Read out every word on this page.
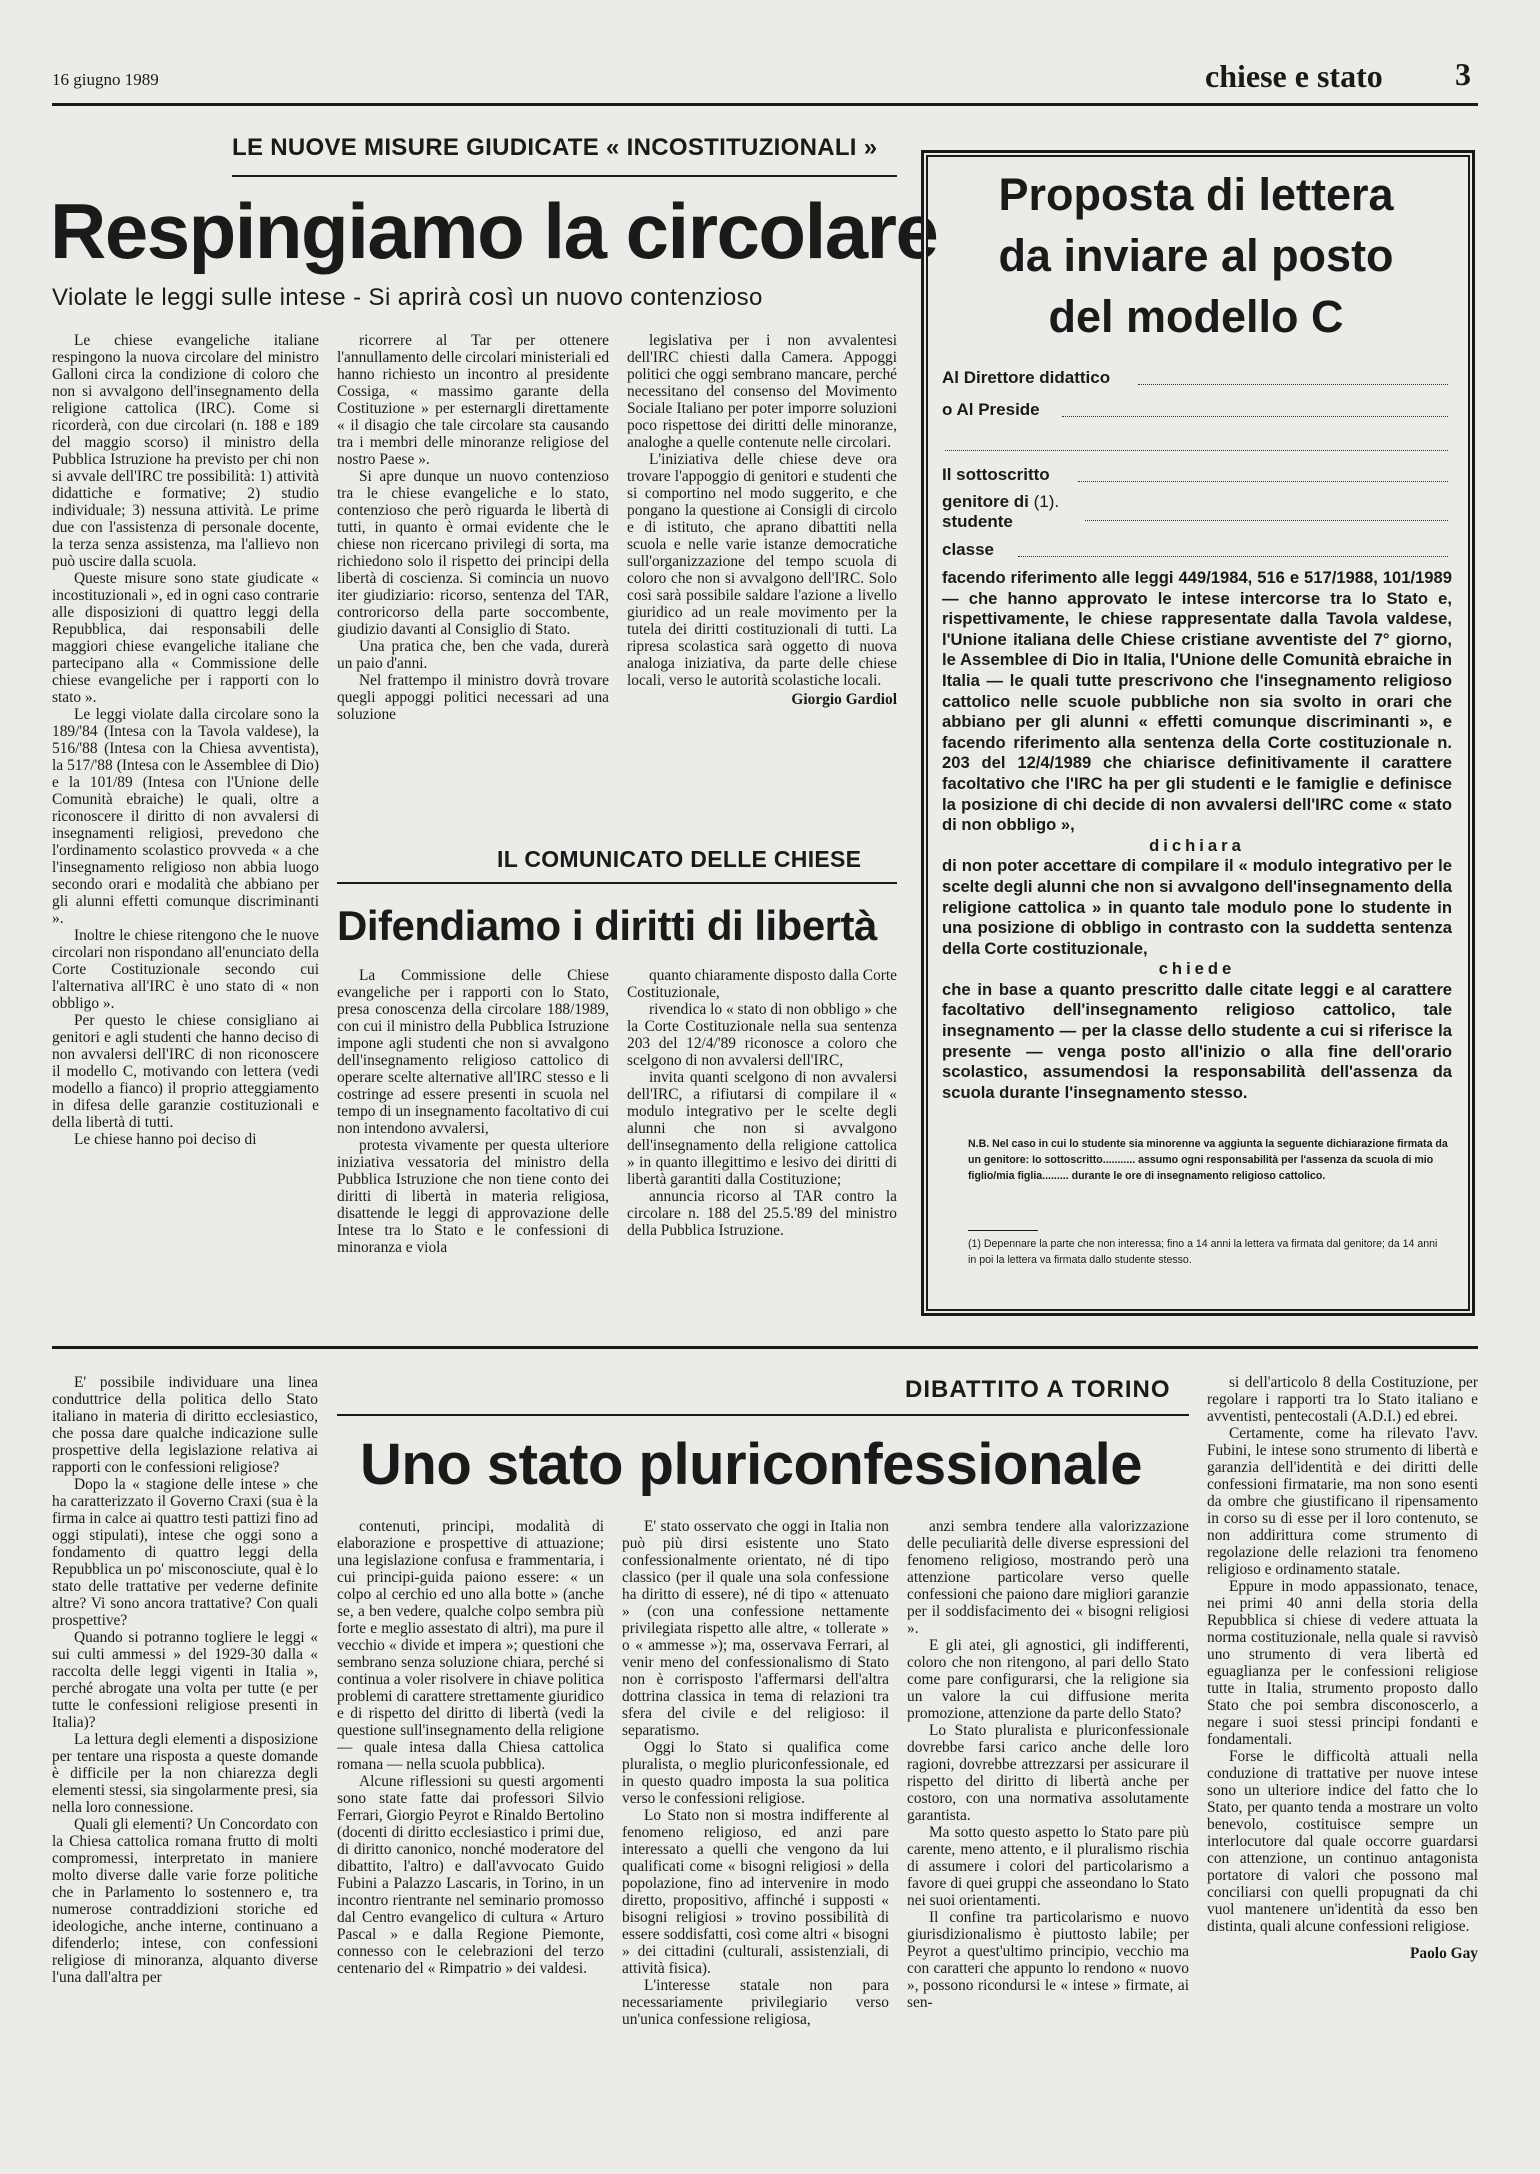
16 giugno 1989	chiese e stato 3
LE NUOVE MISURE GIUDICATE « INCOSTITUZIONALI »
Respingiamo la circolare
Violate le leggi sulle intese - Si aprirà così un nuovo contenzioso

Le chiese evangeliche italiane respingono la nuova circolare del ministro Galloni circa la condizione di coloro che non si avvalgono dell'insegnamento della religione cattolica (IRC). Come si ricorderà, con due circolari (n. 188 e 189 del maggio scorso) il ministro della Pubblica Istruzione ha previsto per chi non si avvale dell'IRC tre possibilità: 1) attività didattiche e formative; 2) studio individuale; 3) nessuna attività. Le prime due con l'assistenza di personale docente, la terza senza assistenza, ma l'allievo non può uscire dalla scuola.

Queste misure sono state giudicate « incostituzionali », ed in ogni caso contrarie alle disposizioni di quattro leggi della Repubblica, dai responsabili delle maggiori chiese evangeliche italiane che partecipano alla « Commissione delle chiese evangeliche per i rapporti con lo stato ».

Le leggi violate dalla circolare sono la 189/'84 (Intesa con la Tavola valdese), la 516/'88 (Intesa con la Chiesa avventista), la 517/'88 (Intesa con le Assemblee di Dio) e la 101/89 (Intesa con l'Unione delle Comunità ebraiche) le quali, oltre a riconoscere il diritto di non avvalersi di insegnamenti religiosi, prevedono che l'ordinamento scolastico provveda « a che l'insegnamento religioso non abbia luogo secondo orari e modalità che abbiano per gli alunni effetti comunque discriminanti ».

Inoltre le chiese ritengono che le nuove circolari non rispondano all'enunciato della Corte Costituzionale secondo cui l'alternativa all'IRC è uno stato di « non obbligo ».

Per questo le chiese consigliano ai genitori e agli studenti che hanno deciso di non avvalersi dell'IRC di non riconoscere il modello C, motivando con lettera (vedi modello a fianco) il proprio atteggiamento in difesa delle garanzie costituzionali e della libertà di tutti.

Le chiese hanno poi deciso di

ricorrere al Tar per ottenere l'annullamento delle circolari ministeriali ed hanno richiesto un incontro al presidente Cossiga, « massimo garante della Costituzione » per esternargli direttamente « il disagio che tale circolare sta causando tra i membri delle minoranze religiose del nostro Paese ».

Si apre dunque un nuovo contenzioso tra le chiese evangeliche e lo stato, contenzioso che però riguarda le libertà di tutti, in quanto è ormai evidente che le chiese non ricercano privilegi di sorta, ma richiedono solo il rispetto dei principi della libertà di coscienza. Si comincia un nuovo iter giudiziario: ricorso, sentenza del TAR, controricorso della parte soccombente, giudizio davanti al Consiglio di Stato.

Una pratica che, ben che vada, durerà un paio d'anni.

Nel frattempo il ministro dovrà trovare quegli appoggi politici necessari ad una soluzione

legislativa per i non avvalentesi dell'IRC chiesti dalla Camera. Appoggi politici che oggi sembrano mancare, perché necessitano del consenso del Movimento Sociale Italiano per poter imporre soluzioni poco rispettose dei diritti delle minoranze, analoghe a quelle contenute nelle circolari.

L'iniziativa delle chiese deve ora trovare l'appoggio di genitori e studenti che si comportino nel modo suggerito, e che pongano la questione ai Consigli di circolo e di istituto, che aprano dibattiti nella scuola e nelle varie istanze democratiche sull'organizzazione del tempo scuola di coloro che non si avvalgono dell'IRC. Solo così sarà possibile saldare l'azione a livello giuridico ad un reale movimento per la tutela dei diritti costituzionali di tutti. La ripresa scolastica sarà oggetto di nuova analoga iniziativa, da parte delle chiese locali, verso le autorità scolastiche locali.

Giorgio Gardiol
IL COMUNICATO DELLE CHIESE
Difendiamo i diritti di libertà

La Commissione delle Chiese evangeliche per i rapporti con lo Stato, presa conoscenza della circolare 188/1989, con cui il ministro della Pubblica Istruzione impone agli studenti che non si avvalgono dell'insegnamento religioso cattolico di operare scelte alternative all'IRC stesso e li costringe ad essere presenti in scuola nel tempo di un insegnamento facoltativo di cui non intendono avvalersi,

protesta vivamente per questa ulteriore iniziativa vessatoria del ministro della Pubblica Istruzione che non tiene conto dei diritti di libertà in materia religiosa, disattende le leggi di approvazione delle Intese tra lo Stato e le confessioni di minoranza e viola

quanto chiaramente disposto dalla Corte Costituzionale,

rivendica lo « stato di non obbligo » che la Corte Costituzionale nella sua sentenza 203 del 12/4/'89 riconosce a coloro che scelgono di non avvalersi dell'IRC,

invita quanti scelgono di non avvalersi dell'IRC, a rifiutarsi di compilare il « modulo integrativo per le scelte degli alunni che non si avvalgono dell'insegnamento della religione cattolica » in quanto illegittimo e lesivo dei diritti di libertà garantiti dalla Costituzione;

annuncia ricorso al TAR contro la circolare n. 188 del 25.5.'89 del ministro della Pubblica Istruzione.

Proposta di lettera
da inviare al posto
del modello C
Al Direttore didattico
o Al Preside
Il sottoscritto
genitore di (1).
studente
classe

facendo riferimento alle leggi 449/1984, 516 e 517/1988, 101/1989 — che hanno approvato le intese intercorse tra lo Stato e, rispettivamente, le chiese rappresentate dalla Tavola valdese, l'Unione italiana delle Chiese cristiane avventiste del 7° giorno, le Assemblee di Dio in Italia, l'Unione delle Comunità ebraiche in Italia — le quali tutte prescrivono che l'insegnamento religioso cattolico nelle scuole pubbliche non sia svolto in orari che abbiano per gli alunni « effetti comunque discriminanti », e facendo riferimento alla sentenza della Corte costituzionale n. 203 del 12/4/1989 che chiarisce definitivamente il carattere facoltativo che l'IRC ha per gli studenti e le famiglie e definisce la posizione di chi decide di non avvalersi dell'IRC come « stato di non obbligo »,

dichiara

di non poter accettare di compilare il « modulo integrativo per le scelte degli alunni che non si avvalgono dell'insegnamento della religione cattolica » in quanto tale modulo pone lo studente in una posizione di obbligo in contrasto con la suddetta sentenza della Corte costituzionale,

chiede

che in base a quanto prescritto dalle citate leggi e al carattere facoltativo dell'insegnamento religioso cattolico, tale insegnamento — per la classe dello studente a cui si riferisce la presente — venga posto all'inizio o alla fine dell'orario scolastico, assumendosi la responsabilità dell'assenza da scuola durante l'insegnamento stesso.

N.B. Nel caso in cui lo studente sia minorenne va aggiunta la seguente dichiarazione firmata da un genitore: Io sottoscritto........... assumo ogni responsabilità per l'assenza da scuola di mio figlio/mia figlia......... durante le ore di insegnamento religioso cattolico.
(1) Depennare la parte che non interessa; fino a 14 anni la lettera va firmata dal genitore; da 14 anni in poi la lettera va firmata dallo studente stesso.

E' possibile individuare una linea conduttrice della politica dello Stato italiano in materia di diritto ecclesiastico, che possa dare qualche indicazione sulle prospettive della legislazione relativa ai rapporti con le confessioni religiose?

Dopo la « stagione delle intese » che ha caratterizzato il Governo Craxi (sua è la firma in calce ai quattro testi pattizi fino ad oggi stipulati), intese che oggi sono a fondamento di quattro leggi della Repubblica un po' misconosciute, qual è lo stato delle trattative per vederne definite altre? Vi sono ancora trattative? Con quali prospettive?

Quando si potranno togliere le leggi « sui culti ammessi » del 1929-30 dalla « raccolta delle leggi vigenti in Italia », perché abrogate una volta per tutte (e per tutte le confessioni religiose presenti in Italia)?

La lettura degli elementi a disposizione per tentare una risposta a queste domande è difficile per la non chiarezza degli elementi stessi, sia singolarmente presi, sia nella loro connessione.

Quali gli elementi? Un Concordato con la Chiesa cattolica romana frutto di molti compromessi, interpretato in maniere molto diverse dalle varie forze politiche che in Parlamento lo sostennero e, tra numerose contraddizioni storiche ed ideologiche, anche interne, continuano a difenderlo; intese, con confessioni religiose di minoranza, alquanto diverse l'una dall'altra per

DIBATTITO A TORINO
Uno stato pluriconfessionale

contenuti, principi, modalità di elaborazione e prospettive di attuazione; una legislazione confusa e frammentaria, i cui principi-guida paiono essere: « un colpo al cerchio ed uno alla botte » (anche se, a ben vedere, qualche colpo sembra più forte e meglio assestato di altri), ma pure il vecchio « divide et impera »; questioni che sembrano senza soluzione chiara, perché si continua a voler risolvere in chiave politica problemi di carattere strettamente giuridico e di rispetto del diritto di libertà (vedi la questione sull'insegnamento della religione — quale intesa dalla Chiesa cattolica romana — nella scuola pubblica).

Alcune riflessioni su questi argomenti sono state fatte dai professori Silvio Ferrari, Giorgio Peyrot e Rinaldo Bertolino (docenti di diritto ecclesiastico i primi due, di diritto canonico, nonché moderatore del dibattito, l'altro) e dall'avvocato Guido Fubini a Palazzo Lascaris, in Torino, in un incontro rientrante nel seminario promosso dal Centro evangelico di cultura « Arturo Pascal » e dalla Regione Piemonte, connesso con le celebrazioni del terzo centenario del « Rimpatrio » dei valdesi.

E' stato osservato che oggi in Italia non può più dirsi esistente uno Stato confessionalmente orientato, né di tipo classico (per il quale una sola confessione ha diritto di essere), né di tipo « attenuato » (con una confessione nettamente privilegiata rispetto alle altre, « tollerate » o « ammesse »); ma, osservava Ferrari, al venir meno del confessionalismo di Stato non è corrisposto l'affermarsi dell'altra dottrina classica in tema di relazioni tra sfera del civile e del religioso: il separatismo.

Oggi lo Stato si qualifica come pluralista, o meglio pluriconfessionale, ed in questo quadro imposta la sua politica verso le confessioni religiose.

Lo Stato non si mostra indifferente al fenomeno religioso, ed anzi pare interessato a quelli che vengono da lui qualificati come « bisogni religiosi » della popolazione, fino ad intervenire in modo diretto, propositivo, affinché i supposti « bisogni religiosi » trovino possibilità di essere soddisfatti, così come altri « bisogni » dei cittadini (culturali, assistenziali, di attività fisica).

L'interesse statale non para necessariamente privilegiario verso un'unica confessione religiosa,

anzi sembra tendere alla valorizzazione delle peculiarità delle diverse espressioni del fenomeno religioso, mostrando però una attenzione particolare verso quelle confessioni che paiono dare migliori garanzie per il soddisfacimento dei « bisogni religiosi ».

E gli atei, gli agnostici, gli indifferenti, coloro che non ritengono, al pari dello Stato come pare configurarsi, che la religione sia un valore la cui diffusione merita promozione, attenzione da parte dello Stato?

Lo Stato pluralista e pluriconfessionale dovrebbe farsi carico anche delle loro ragioni, dovrebbe attrezzarsi per assicurare il rispetto del diritto di libertà anche per costoro, con una normativa assolutamente garantista.

Ma sotto questo aspetto lo Stato pare più carente, meno attento, e il pluralismo rischia di assumere i colori del particolarismo a favore di quei gruppi che asseondano lo Stato nei suoi orientamenti.

Il confine tra particolarismo e nuovo giurisdizionalismo è piuttosto labile; per Peyrot a quest'ultimo principio, vecchio ma con caratteri che appunto lo rendono « nuovo », possono ricondursi le « intese » firmate, ai sen-

si dell'articolo 8 della Costituzione, per regolare i rapporti tra lo Stato italiano e avventisti, pentecostali (A.D.I.) ed ebrei.

Certamente, come ha rilevato l'avv. Fubini, le intese sono strumento di libertà e garanzia dell'identità e dei diritti delle confessioni firmatarie, ma non sono esenti da ombre che giustificano il ripensamento in corso su di esse per il loro contenuto, se non addirittura come strumento di regolazione delle relazioni tra fenomeno religioso e ordinamento statale.

Eppure in modo appassionato, tenace, nei primi 40 anni della storia della Repubblica si chiese di vedere attuata la norma costituzionale, nella quale si ravvisò uno strumento di vera libertà ed eguaglianza per le confessioni religiose tutte in Italia, strumento proposto dallo Stato che poi sembra disconoscerlo, a negare i suoi stessi principi fondanti e fondamentali.

Forse le difficoltà attuali nella conduzione di trattative per nuove intese sono un ulteriore indice del fatto che lo Stato, per quanto tenda a mostrare un volto benevolo, costituisce sempre un interlocutore dal quale occorre guardarsi con attenzione, un continuo antagonista portatore di valori che possono mal conciliarsi con quelli propugnati da chi vuol mantenere un'identità da esso ben distinta, quali alcune confessioni religiose.

Paolo Gay
